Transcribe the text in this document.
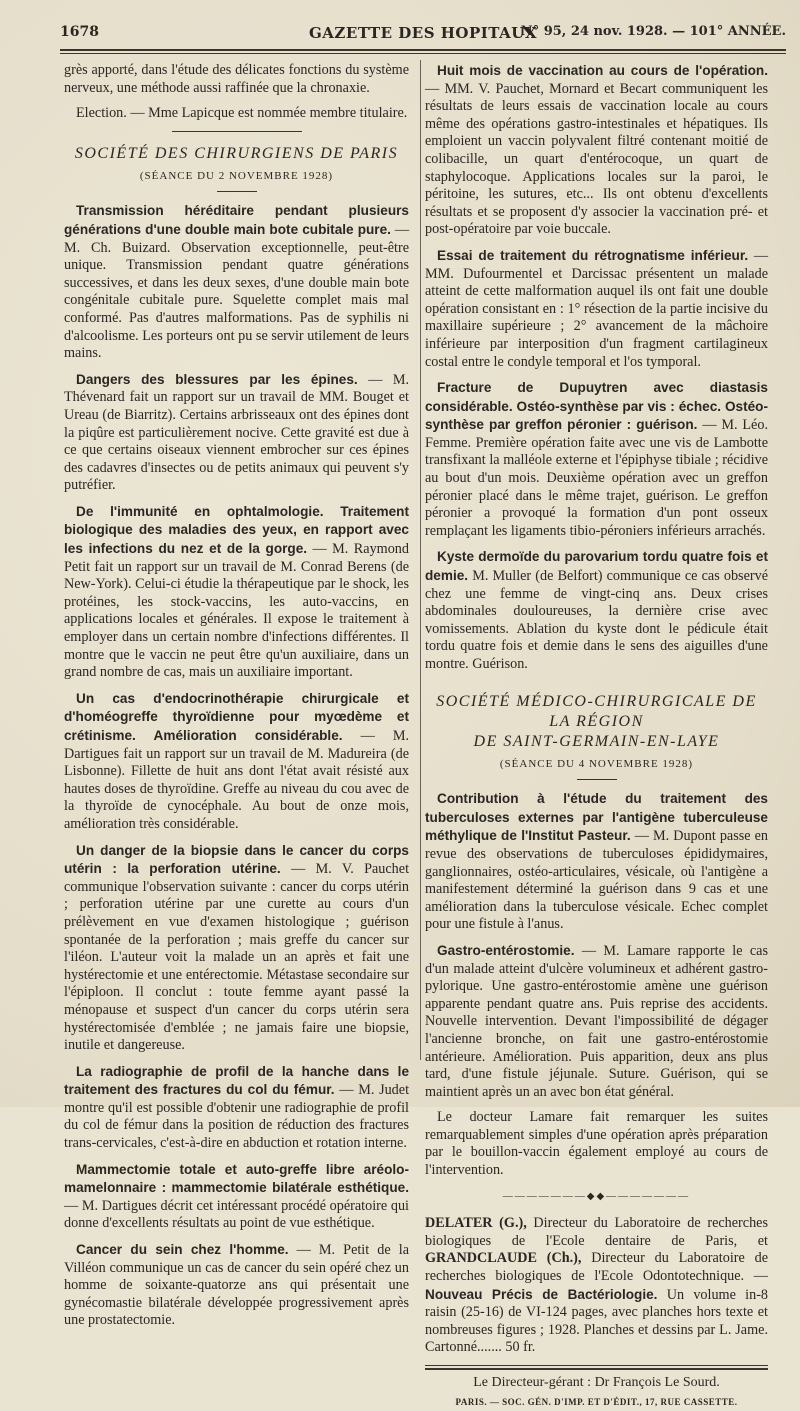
1678	GAZETTE DES HOPITAUX
N° 95, 24 nov. 1928. — 101° ANNÉE.

grès apporté, dans l'étude des délicates fonctions du système nerveux, une méthode aussi raffinée que la chronaxie.

Election. — Mme Lapicque est nommée membre titulaire.

SOCIÉTÉ DES CHIRURGIENS DE PARIS
(SÉANCE DU 2 NOVEMBRE 1928)

Transmission héréditaire pendant plusieurs générations d'une double main bote cubitale pure. — M. Ch. Buizard. Observation exceptionnelle, peut-être unique. Transmission pendant quatre générations successives, et dans les deux sexes, d'une double main bote congénitale cubitale pure. Squelette complet mais mal conformé. Pas d'autres malformations. Pas de syphilis ni d'alcoolisme. Les porteurs ont pu se servir utilement de leurs mains.

Dangers des blessures par les épines. — M. Thévenard fait un rapport sur un travail de MM. Bouget et Ureau (de Biarritz). Certains arbrisseaux ont des épines dont la piqûre est particulièrement nocive. Cette gravité est due à ce que certains oiseaux viennent embrocher sur ces épines des cadavres d'insectes ou de petits animaux qui peuvent s'y putréfier.

De l'immunité en ophtalmologie. Traitement biologique des maladies des yeux, en rapport avec les infections du nez et de la gorge. — M. Raymond Petit fait un rapport sur un travail de M. Conrad Berens (de New-York). Celui-ci étudie la thérapeutique par le shock, les protéines, les stock-vaccins, les auto-vaccins, en applications locales et générales. Il expose le traitement à employer dans un certain nombre d'infections différentes. Il montre que le vaccin ne peut être qu'un auxiliaire, dans un grand nombre de cas, mais un auxiliaire important.

Un cas d'endocrinothérapie chirurgicale et d'homéogreffe thyroïdienne pour myœdème et crétinisme. Amélioration considérable. — M. Dartigues fait un rapport sur un travail de M. Madureira (de Lisbonne). Fillette de huit ans dont l'état avait résisté aux hautes doses de thyroïdine. Greffe au niveau du cou avec de la thyroïde de cynocéphale. Au bout de onze mois, amélioration très considérable.

Un danger de la biopsie dans le cancer du corps utérin : la perforation utérine. — M. V. Pauchet communique l'observation suivante : cancer du corps utérin ; perforation utérine par une curette au cours d'un prélèvement en vue d'examen histologique ; guérison spontanée de la perforation ; mais greffe du cancer sur l'iléon. L'auteur voit la malade un an après et fait une hystérectomie et une entérectomie. Métastase secondaire sur l'épiploon. Il conclut : toute femme ayant passé la ménopause et suspect d'un cancer du corps utérin sera hystérectomisée d'emblée ; ne jamais faire une biopsie, inutile et dangereuse.

La radiographie de profil de la hanche dans le traitement des fractures du col du fémur. — M. Judet montre qu'il est possible d'obtenir une radiographie de profil du col de fémur dans la position de réduction des fractures trans-cervicales, c'est-à-dire en abduction et rotation interne.

Mammectomie totale et auto-greffe libre aréolo-mamelonnaire : mammectomie bilatérale esthétique. — M. Dartigues décrit cet intéressant procédé opératoire qui donne d'excellents résultats au point de vue esthétique.

Cancer du sein chez l'homme. — M. Petit de la Villéon communique un cas de cancer du sein opéré chez un homme de soixante-quatorze ans qui présentait une gynécomastie bilatérale développée progressivement après une prostatectomie.

Huit mois de vaccination au cours de l'opération. — MM. V. Pauchet, Mornard et Becart communiquent les résultats de leurs essais de vaccination locale au cours même des opérations gastro-intestinales et hépatiques. Ils emploient un vaccin polyvalent filtré contenant moitié de colibacille, un quart d'entérocoque, un quart de staphylocoque. Applications locales sur la paroi, le péritoine, les sutures, etc... Ils ont obtenu d'excellents résultats et se proposent d'y associer la vaccination pré- et post-opératoire par voie buccale.

Essai de traitement du rétrognatisme inférieur. — MM. Dufourmentel et Darcissac présentent un malade atteint de cette malformation auquel ils ont fait une double opération consistant en : 1° résection de la partie incisive du maxillaire supérieure ; 2° avancement de la mâchoire inférieure par interposition d'un fragment cartilagineux costal entre le condyle temporal et l'os tymporal.

Fracture de Dupuytren avec diastasis considérable. Ostéo-synthèse par vis : échec. Ostéo-synthèse par greffon péronier : guérison. — M. Léo. Femme. Première opération faite avec une vis de Lambotte transfixant la malléole externe et l'épiphyse tibiale ; récidive au bout d'un mois. Deuxième opération avec un greffon péronier placé dans le même trajet, guérison. Le greffon péronier a provoqué la formation d'un pont osseux remplaçant les ligaments tibio-péroniers inférieurs arrachés.

Kyste dermoïde du parovarium tordu quatre fois et demie. M. Muller (de Belfort) communique ce cas observé chez une femme de vingt-cinq ans. Deux crises abdominales douloureuses, la dernière crise avec vomissements. Ablation du kyste dont le pédicule était tordu quatre fois et demie dans le sens des aiguilles d'une montre. Guérison.

SOCIÉTÉ MÉDICO-CHIRURGICALE DE LA RÉGION
DE SAINT-GERMAIN-EN-LAYE
(SÉANCE DU 4 NOVEMBRE 1928)

Contribution à l'étude du traitement des tuberculoses externes par l'antigène tuberculeuse méthylique de l'Institut Pasteur. — M. Dupont passe en revue des observations de tuberculoses épididymaires, ganglionnaires, ostéo-articulaires, vésicale, où l'antigène a manifestement déterminé la guérison dans 9 cas et une amélioration dans la tuberculose vésicale. Echec complet pour une fistule à l'anus.

Gastro-entérostomie. — M. Lamare rapporte le cas d'un malade atteint d'ulcère volumineux et adhérent gastro-pylorique. Une gastro-entérostomie amène une guérison apparente pendant quatre ans. Puis reprise des accidents. Nouvelle intervention. Devant l'impossibilité de dégager l'ancienne bronche, on fait une gastro-entérostomie antérieure. Amélioration. Puis apparition, deux ans plus tard, d'une fistule jéjunale. Suture. Guérison, qui se maintient après un an avec bon état général.

Le docteur Lamare fait remarquer les suites remarquablement simples d'une opération après préparation par le bouillon-vaccin également employé au cours de l'intervention.

———————◆◆———————

DELATER (G.), Directeur du Laboratoire de recherches biologiques de l'Ecole dentaire de Paris, et GRANDCLAUDE (Ch.), Directeur du Laboratoire de recherches biologiques de l'Ecole Odontotechnique. — Nouveau Précis de Bactériologie. Un volume in-8 raisin (25-16) de VI-124 pages, avec planches hors texte et nombreuses figures ; 1928. Planches et dessins par L. Jame. Cartonné....... 50 fr.

Le Directeur-gérant : Dr François Le Sourd.
PARIS. — SOC. GÉN. D'IMP. ET D'ÉDIT., 17, RUE CASSETTE.
